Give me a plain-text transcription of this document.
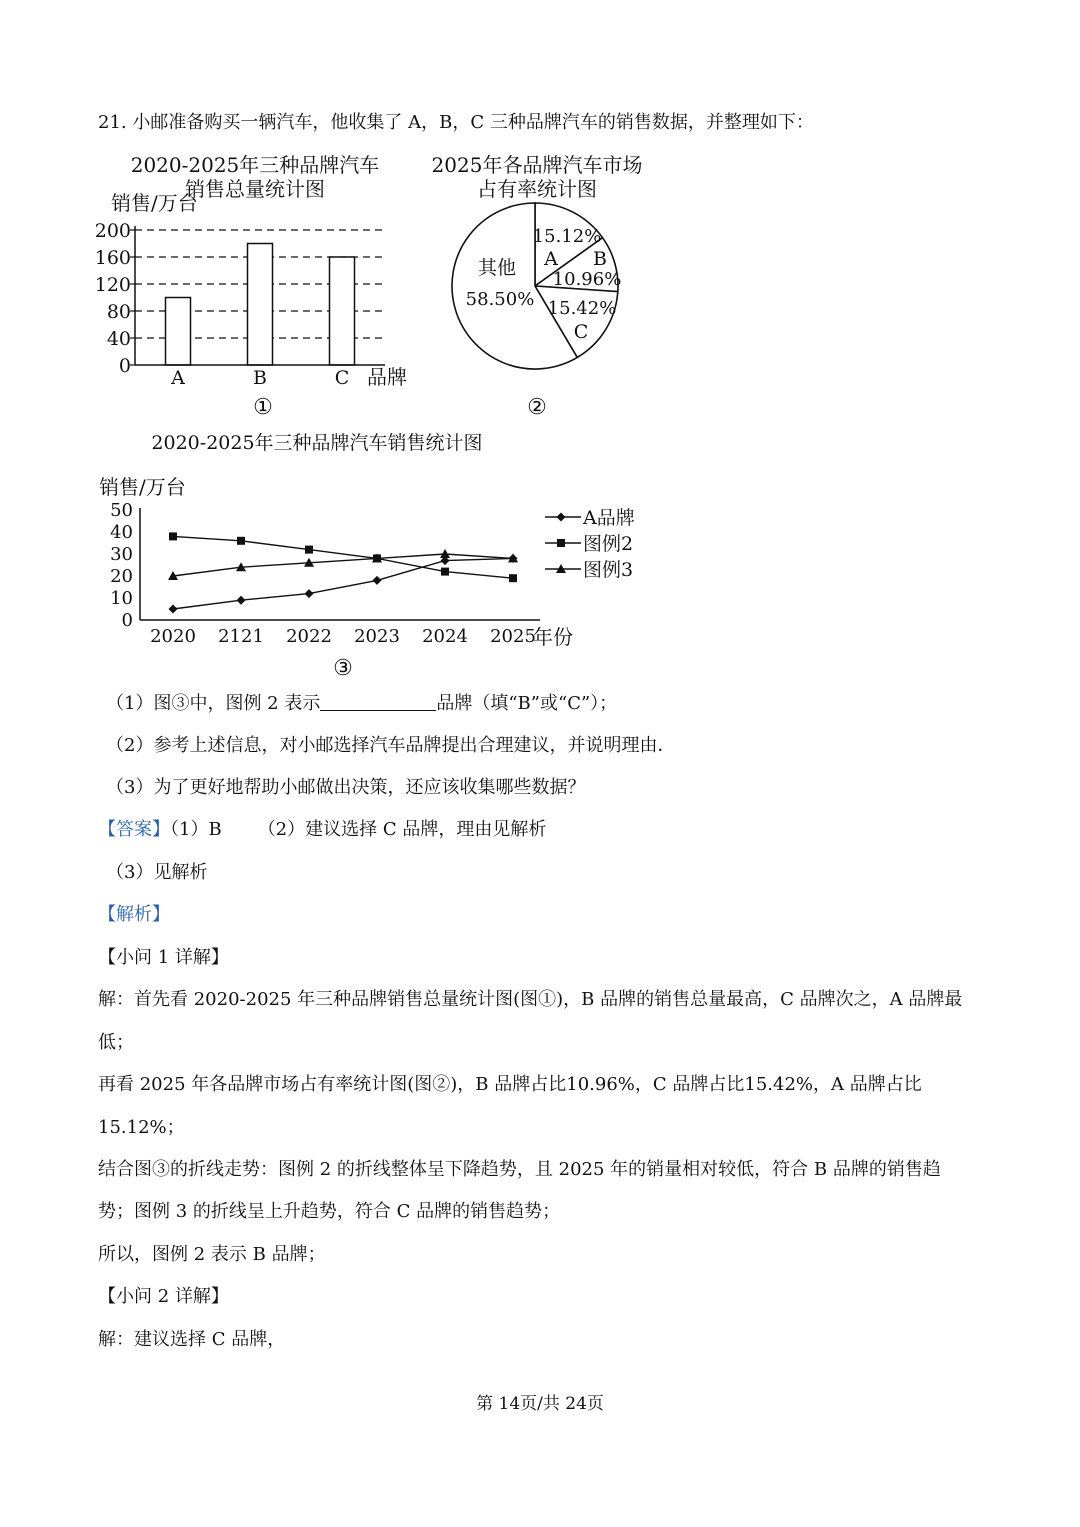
21. 小邮准备购买一辆汽车，他收集了 A，B，C 三种品牌汽车的销售数据，并整理如下：
2020-2025年三种品牌汽车
销售总量统计图
销售/万台
0
40
80
120
160
200
A	B	C 品牌
①
2025年各品牌汽车市场
占有率统计图
15.12%
A
10.96%
B
15.42%
C
58.50%
其他
②
2020-2025年三种品牌汽车销售统计图
销售/万台
0
10
20
30
40
50
2020 2121 2022 2023 2024 2025
A品牌
图例2
图例3
年份
③
（1）图③中，图例 2 表示	品牌（填“B”或“C”）；
（2）参考上述信息，对小邮选择汽车品牌提出合理建议，并说明理由．
（3）为了更好地帮助小邮做出决策，还应该收集哪些数据？
【答案】（1）B （2）建议选择 C 品牌，理由见解析
（3）见解析
【解析】
【小问 1 详解】
解：首先看 2020-2025 年三种品牌销售总量统计图(图①)，B 品牌的销售总量最高，C 品牌次之，A 品牌最
低；
再看 2025 年各品牌市场占有率统计图(图②)，B 品牌占比10.96%，C 品牌占比15.42%，A 品牌占比
15.12%；
结合图③的折线走势：图例 2 的折线整体呈下降趋势，且 2025 年的销量相对较低，符合 B 品牌的销售趋
势；图例 3 的折线呈上升趋势，符合 C 品牌的销售趋势；
所以，图例 2 表示 B 品牌；
【小问 2 详解】
解：建议选择 C 品牌，
第 14页/共 24页
